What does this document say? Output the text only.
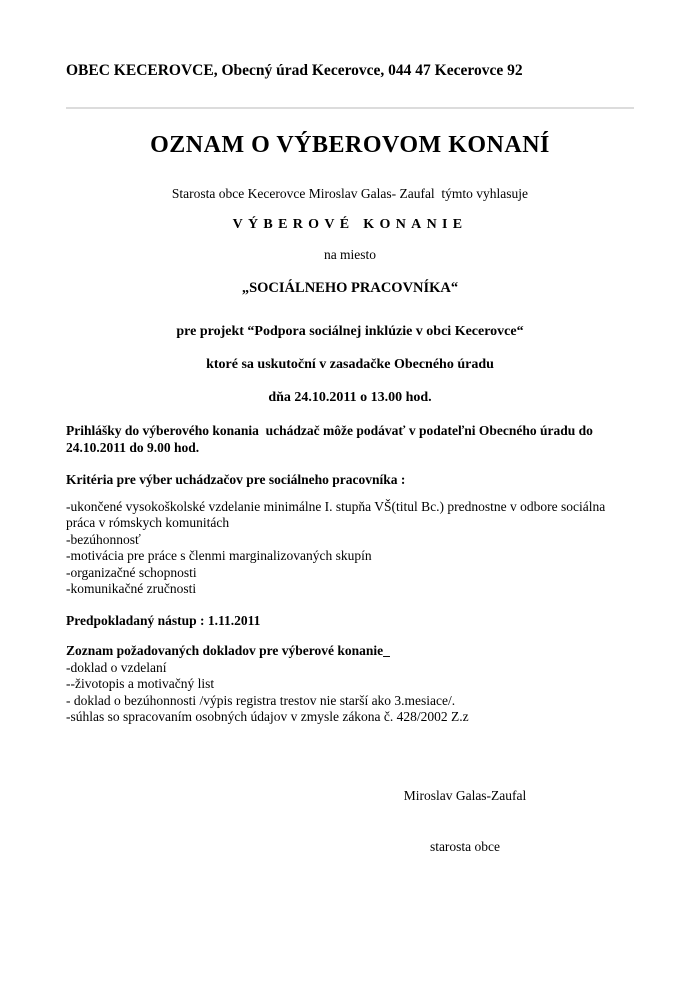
OBEC KECEROVCE, Obecný úrad Kecerovce, 044 47 Kecerovce 92
OZNAM O VÝBEROVOM KONANÍ
Starosta obce Kecerovce Miroslav Galas- Zaufal  týmto vyhlasuje
VÝBEROVÉ KONANIE
na miesto
„SOCIÁLNEHO PRACOVNÍKA“
pre projekt “Podpora sociálnej inklúzie v obci Kecerovce“
ktoré sa uskutoční v zasadačke Obecného úradu
dňa 24.10.2011 o 13.00 hod.

Prihlášky do výberového konania  uchádzač môže podávať v podateľni Obecného úradu do 24.10.2011 do 9.00 hod.

Kritéria pre výber uchádzačov pre sociálneho pracovníka :

-ukončené vysokoškolské vzdelanie minimálne I. stupňa VŠ(titul Bc.) prednostne v odbore sociálna práca v rómskych komunitách
-bezúhonnosť
-motivácia pre práce s členmi marginalizovaných skupín
-organizačné schopnosti
-komunikačné zručnosti

Predpokladaný nástup : 1.11.2011

Zoznam požadovaných dokladov pre výberové konanie_

-doklad o vzdelaní
--životopis a motivačný list
- doklad o bezúhonnosti /výpis registra trestov nie starší ako 3.mesiace/.
-súhlas so spracovaním osobných údajov v zmysle zákona č. 428/2002 Z.z

Miroslav Galas-Zaufal

starosta obce
